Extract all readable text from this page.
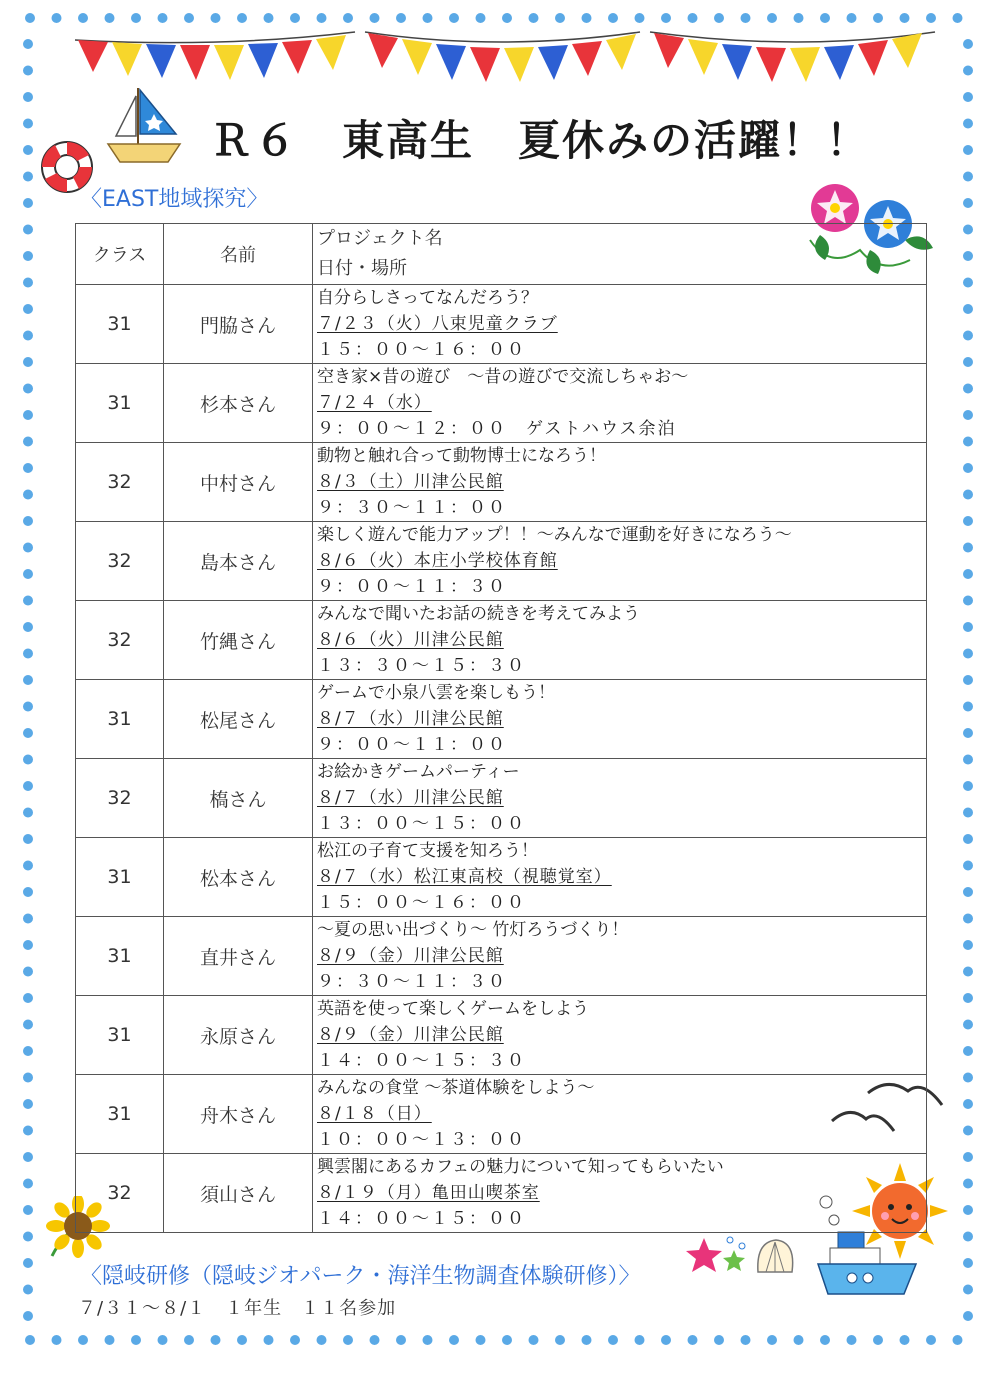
Ｒ６　東高生　夏休みの活躍！！
〈EAST地域探究〉
クラス	名前	プロジェクト名
日付・場所

31	門脇さん	自分らしさってなんだろう？
７/２３（火）八束児童クラブ
１５：００〜１６：００

31	杉本さん	空き家×昔の遊び　～昔の遊びで交流しちゃお～
７/２４（水）
９：００〜１２：００　ゲストハウス余泊

32	中村さん	動物と触れ合って動物博士になろう！
８/３（土）川津公民館
９：３０〜１１：００

32	島本さん	楽しく遊んで能力アップ！！～みんなで運動を好きになろう～
８/６（火）本庄小学校体育館
９：００〜１１：３０

32	竹縄さん	みんなで聞いたお話の続きを考えてみよう
８/６（火）川津公民館
１３：３０〜１５：３０

31	松尾さん	ゲームで小泉八雲を楽しもう！
８/７（水）川津公民館
９：００〜１１：００

32	槗さん	お絵かきゲームパーティー
８/７（水）川津公民館
１３：００〜１５：００

31	松本さん	松江の子育て支援を知ろう！
８/７（水）松江東高校（視聴覚室）
１５：００〜１６：００

31	直井さん	～夏の思い出づくり～ 竹灯ろうづくり！
８/９（金）川津公民館
９：３０〜１１：３０

31	永原さん	英語を使って楽しくゲームをしよう
８/９（金）川津公民館
１４：００〜１５：３０

31	舟木さん	みんなの食堂 ～茶道体験をしよう～
８/１８（日）
１０：００〜１３：００

32	須山さん	興雲閣にあるカフェの魅力について知ってもらいたい
８/１９（月）亀田山喫茶室
１４：００〜１５：００
〈隠岐研修（隠岐ジオパーク・海洋生物調査体験研修）〉
７/３１～８/１　１年生　１１名参加
